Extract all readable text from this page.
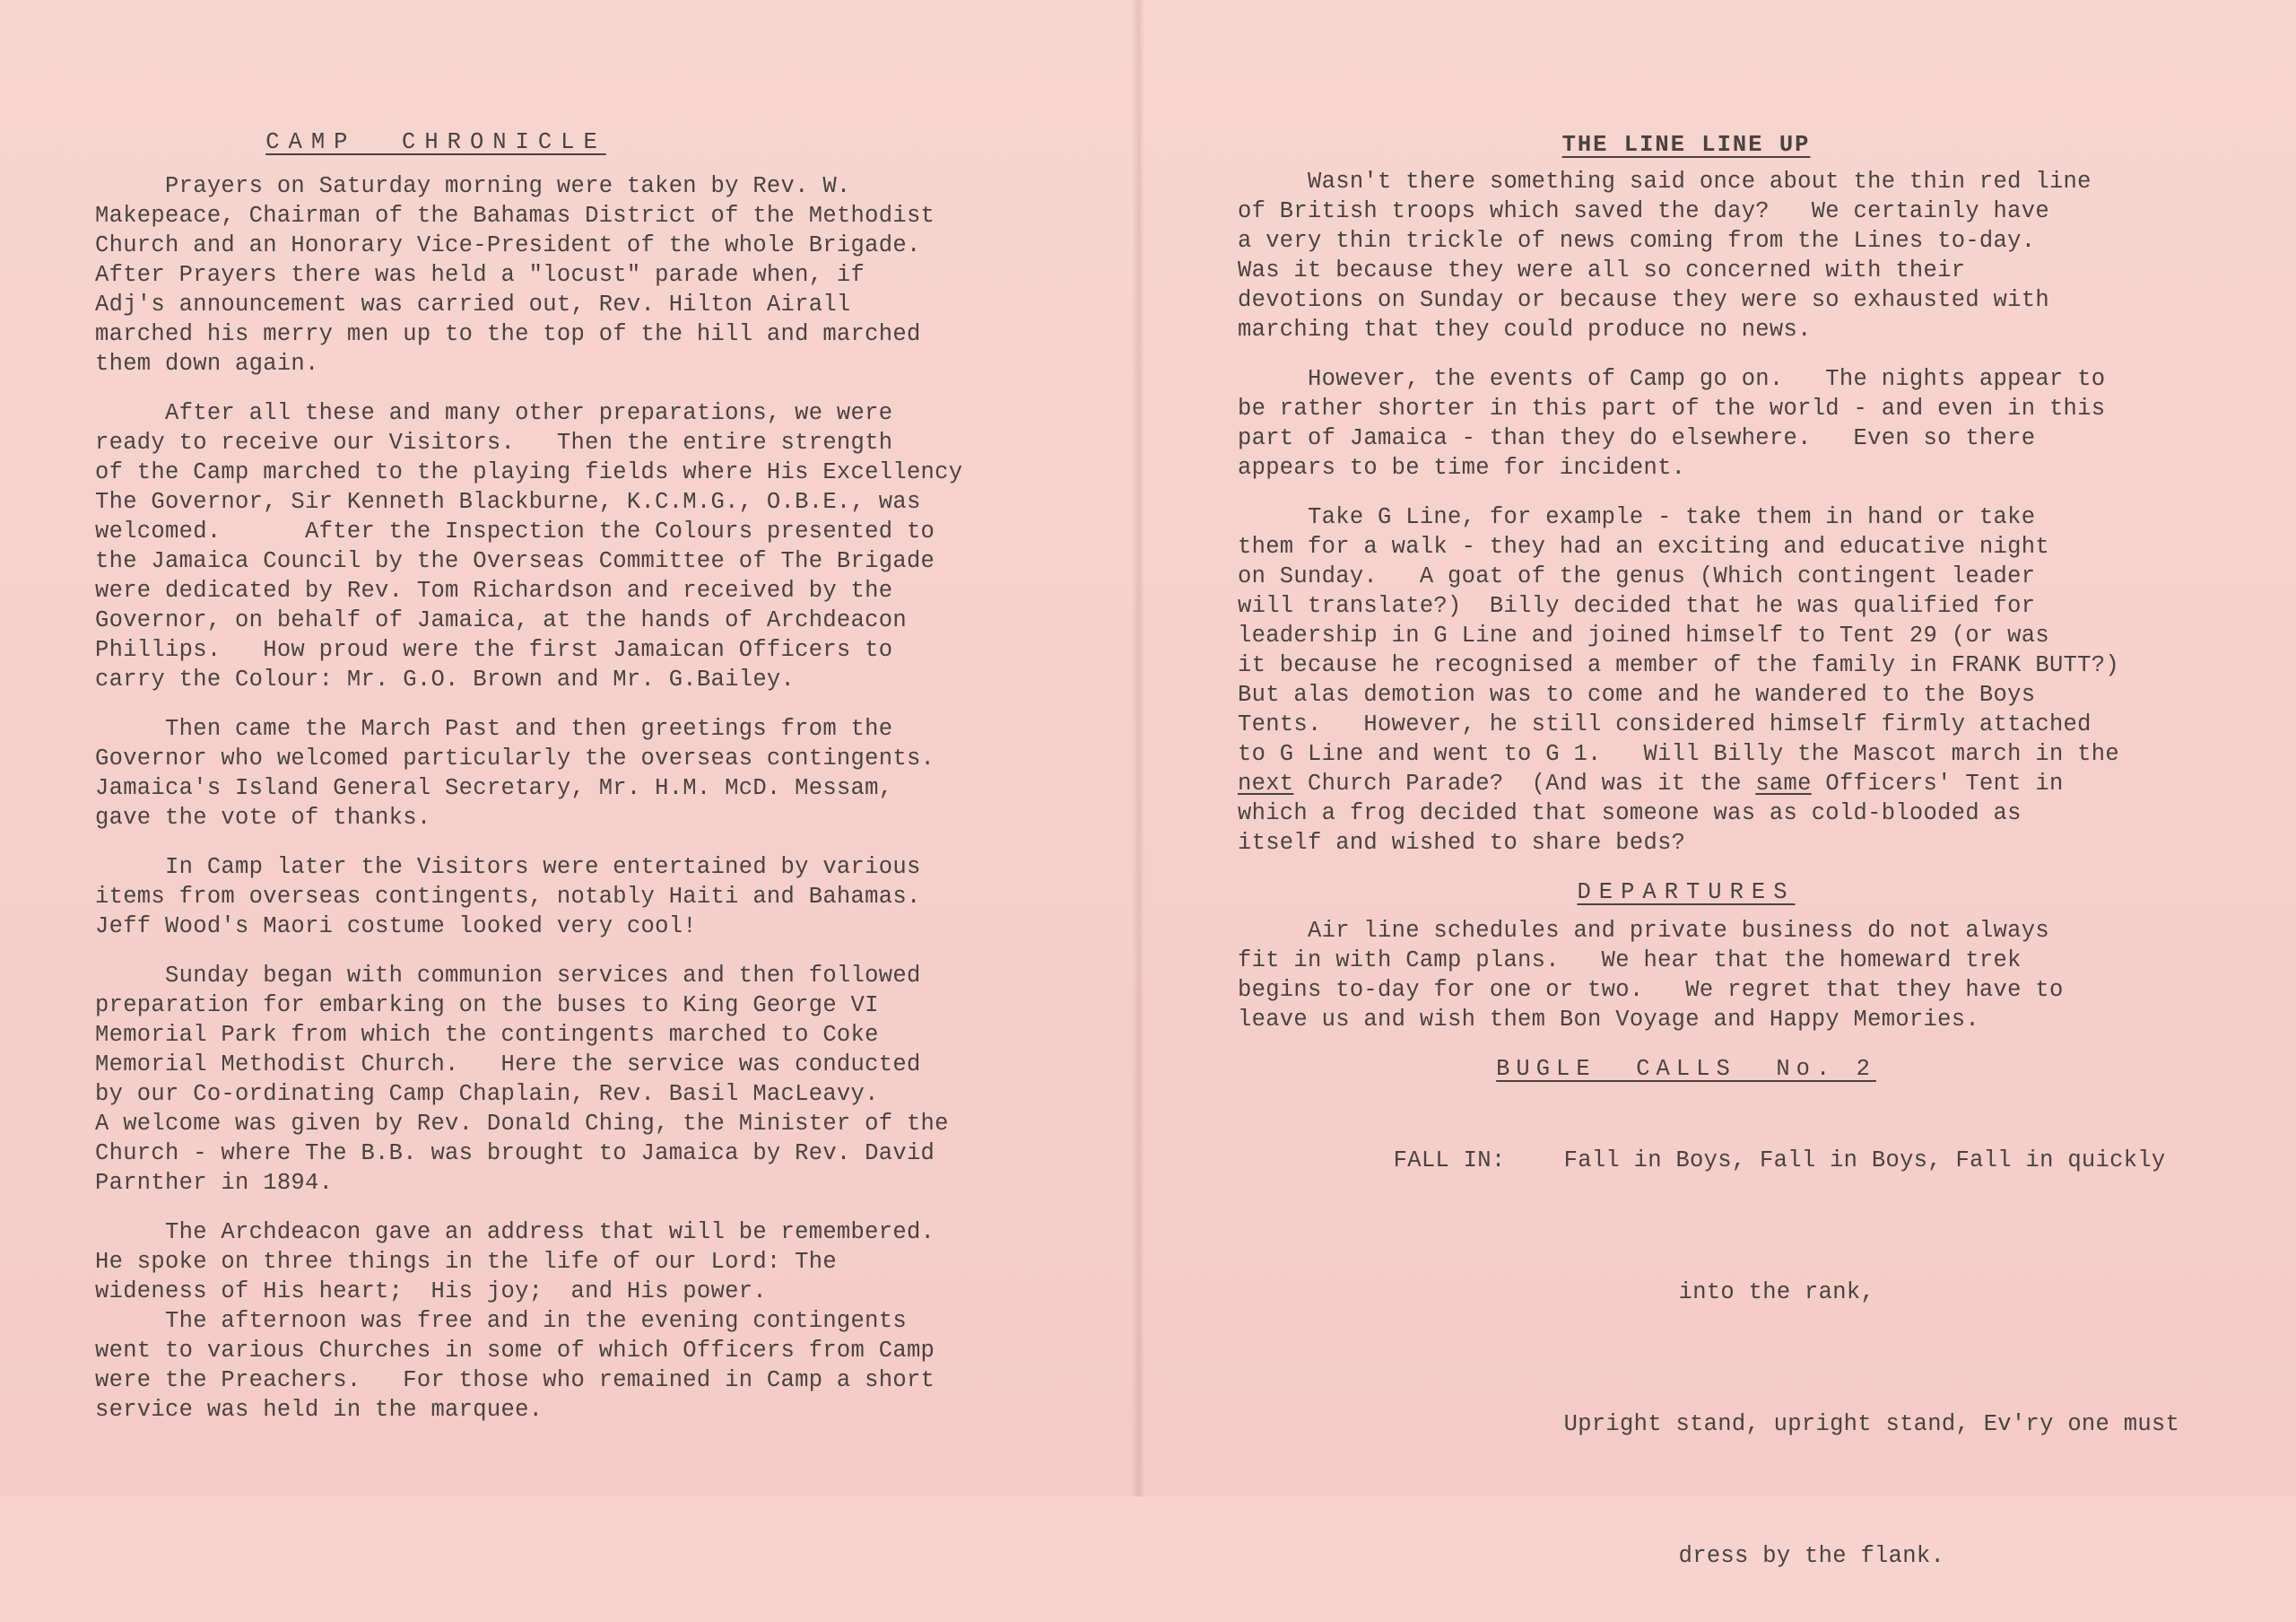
CAMP  CHRONICLE

Prayers on Saturday morning were taken by Rev. W.

Makepeace, Chairman of the Bahamas District of the Methodist

Church and an Honorary Vice-President of the whole Brigade.

After Prayers there was held a "locust" parade when, if

Adj's announcement was carried out, Rev. Hilton Airall

marched his merry men up to the top of the hill and marched

them down again.

After all these and many other preparations, we were

ready to receive our Visitors.   Then the entire strength

of the Camp marched to the playing fields where His Excellency

The Governor, Sir Kenneth Blackburne, K.C.M.G., O.B.E., was

welcomed.      After the Inspection the Colours presented to

the Jamaica Council by the Overseas Committee of The Brigade

were dedicated by Rev. Tom Richardson and received by the

Governor, on behalf of Jamaica, at the hands of Archdeacon

Phillips.   How proud were the first Jamaican Officers to

carry the Colour: Mr. G.O. Brown and Mr. G.Bailey.

Then came the March Past and then greetings from the

Governor who welcomed particularly the overseas contingents.

Jamaica's Island General Secretary, Mr. H.M. McD. Messam,

gave the vote of thanks.

In Camp later the Visitors were entertained by various

items from overseas contingents, notably Haiti and Bahamas.

Jeff Wood's Maori costume looked very cool!

Sunday began with communion services and then followed

preparation for embarking on the buses to King George VI

Memorial Park from which the contingents marched to Coke

Memorial Methodist Church.   Here the service was conducted

by our Co-ordinating Camp Chaplain, Rev. Basil MacLeavy.

A welcome was given by Rev. Donald Ching, the Minister of the

Church - where The B.B. was brought to Jamaica by Rev. David

Parnther in 1894.

The Archdeacon gave an address that will be remembered.

He spoke on three things in the life of our Lord: The

wideness of His heart;  His joy;  and His power.

The afternoon was free and in the evening contingents

went to various Churches in some of which Officers from Camp

were the Preachers.   For those who remained in Camp a short

service was held in the marquee.

THE LINE LINE UP

Wasn't there something said once about the thin red line

of British troops which saved the day?   We certainly have

a very thin trickle of news coming from the Lines to-day.

Was it because they were all so concerned with their

devotions on Sunday or because they were so exhausted with

marching that they could produce no news.

However, the events of Camp go on.   The nights appear to

be rather shorter in this part of the world - and even in this

part of Jamaica - than they do elsewhere.   Even so there

appears to be time for incident.

Take G Line, for example - take them in hand or take

them for a walk - they had an exciting and educative night

on Sunday.   A goat of the genus (Which contingent leader

will translate?)  Billy decided that he was qualified for

leadership in G Line and joined himself to Tent 29 (or was

it because he recognised a member of the family in FRANK BUTT?)

But alas demotion was to come and he wandered to the Boys

Tents.   However, he still considered himself firmly attached

to G Line and went to G 1.   Will Billy the Mascot march in the

next Church Parade?  (And was it the same Officers' Tent in

which a frog decided that someone was as cold-blooded as

itself and wished to share beds?

DEPARTURES

Air line schedules and private business do not always

fit in with Camp plans.   We hear that the homeward trek

begins to-day for one or two.   We regret that they have to

leave us and wish them Bon Voyage and Happy Memories.

BUGLE  CALLS  No. 2

FALL IN:	Fall in Boys, Fall in Boys, Fall in quickly

into the rank,

Upright stand, upright stand, Ev'ry one must

dress by the flank.
